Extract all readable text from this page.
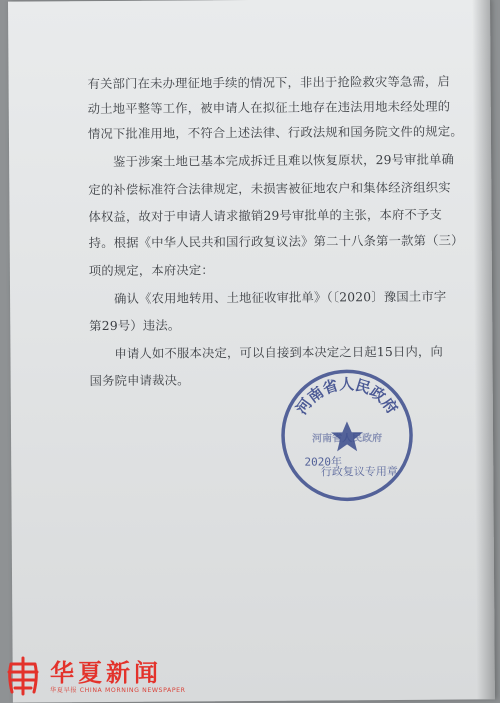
有关部门在未办理征地手续的情况下，非出于抢险救灾等急需，启
动土地平整等工作，被申请人在拟征土地存在违法用地未经处理的
情况下批准用地，不符合上述法律、行政法规和国务院文件的规定。
　　鉴于涉案土地已基本完成拆迁且难以恢复原状，29号审批单确
定的补偿标准符合法律规定，未损害被征地农户和集体经济组织实
体权益，故对于申请人请求撤销29号审批单的主张，本府不予支
持。根据《中华人民共和国行政复议法》第二十八条第一款第（三）
项的规定，本府决定：
　　确认《农用地转用、土地征收审批单》（〔2020〕豫国土市字
第29号）违法。
　　申请人如不服本决定，可以自接到本决定之日起15日内，向
国务院申请裁决。
河南省人民政府
河南省人民政府
2020年
行政复议专用章
华夏新闻
华夏早报 CHINA MORNING NEWSPAPER
